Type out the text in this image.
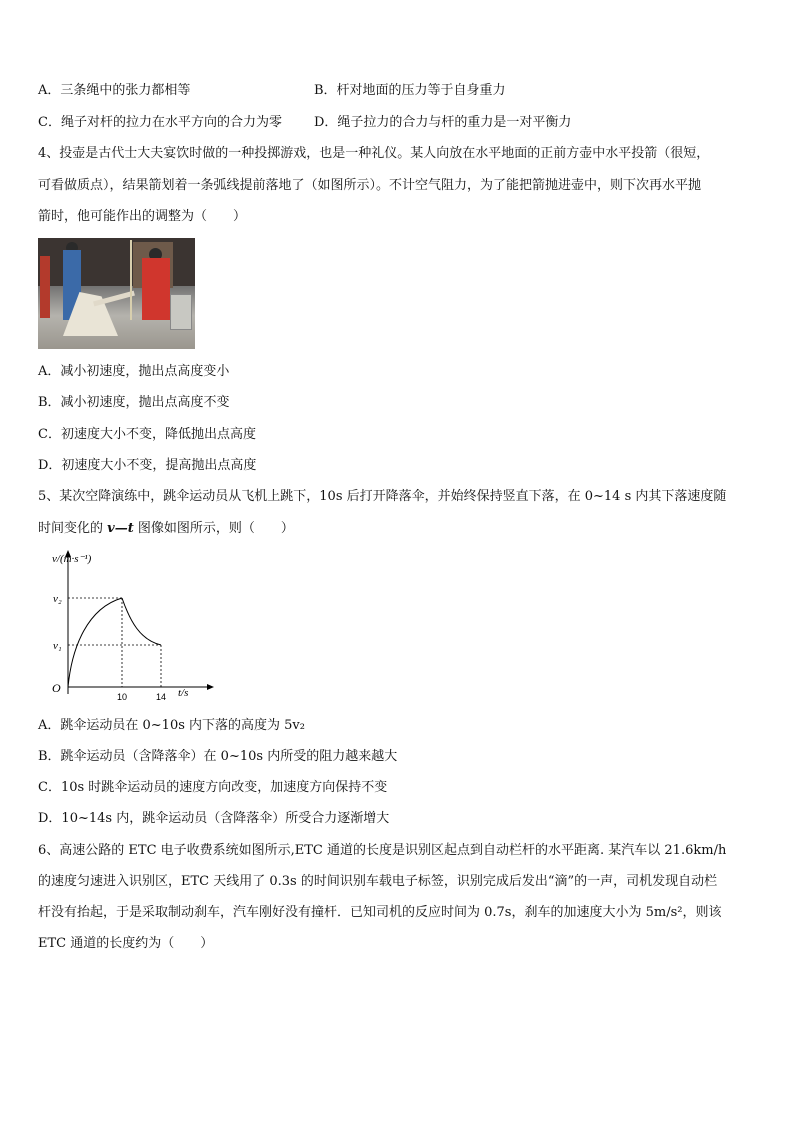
A．三条绳中的张力都相等	B．杆对地面的压力等于自身重力
C．绳子对杆的拉力在水平方向的合力为零 D．绳子拉力的合力与杆的重力是一对平衡力
4、投壶是古代士大夫宴饮时做的一种投掷游戏，也是一种礼仪。某人向放在水平地面的正前方壶中水平投箭（很短，
可看做质点），结果箭划着一条弧线提前落地了（如图所示）。不计空气阻力，为了能把箭抛进壶中，则下次再水平抛
箭时，他可能作出的调整为（　　）
A．减小初速度，抛出点高度变小
B．减小初速度，抛出点高度不变
C．初速度大小不变，降低抛出点高度
D．初速度大小不变，提高抛出点高度
5、某次空降演练中，跳伞运动员从飞机上跳下，10s 后打开降落伞，并始终保持竖直下落，在 0~14 s 内其下落速度随
时间变化的 v—t 图像如图所示，则（　　）
v/(m·s⁻¹)
t/s
O
v₂
v₁
10	14
A．跳伞运动员在 0~10s 内下落的高度为 5v₂
B．跳伞运动员（含降落伞）在 0~10s 内所受的阻力越来越大
C．10s 时跳伞运动员的速度方向改变，加速度方向保持不变
D．10~14s 内，跳伞运动员（含降落伞）所受合力逐渐增大
6、高速公路的 ETC 电子收费系统如图所示,ETC 通道的长度是识别区起点到自动栏杆的水平距离. 某汽车以 21.6km/h
的速度匀速进入识别区，ETC 天线用了 0.3s 的时间识别车载电子标签，识别完成后发出“滴”的一声，司机发现自动栏
杆没有抬起，于是采取制动刹车，汽车刚好没有撞杆．已知司机的反应时间为 0.7s，刹车的加速度大小为 5m/s²，则该
ETC 通道的长度约为（　　）
